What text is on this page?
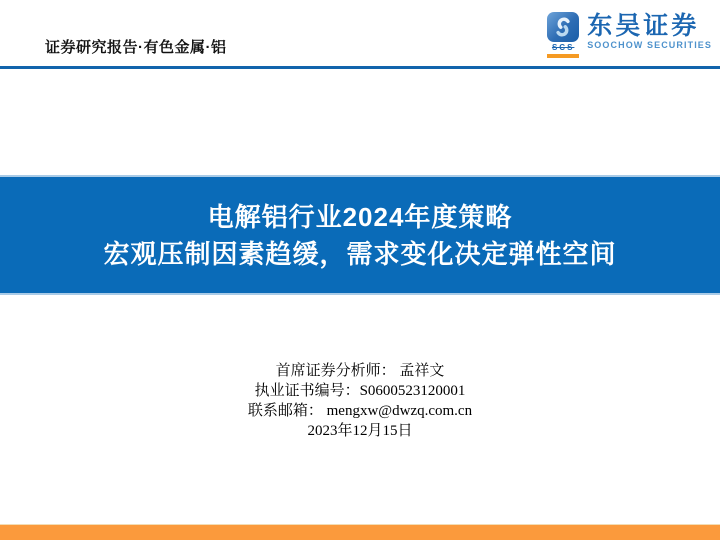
证券研究报告·有色金属·铝	SCS
东吴证券
SOOCHOW SECURITIES
电解铝行业2024年度策略
宏观压制因素趋缓，需求变化决定弹性空间
首席证券分析师： 孟祥文
执业证书编号：S0600523120001
联系邮箱： mengxw@dwzq.com.cn
2023年12月15日
